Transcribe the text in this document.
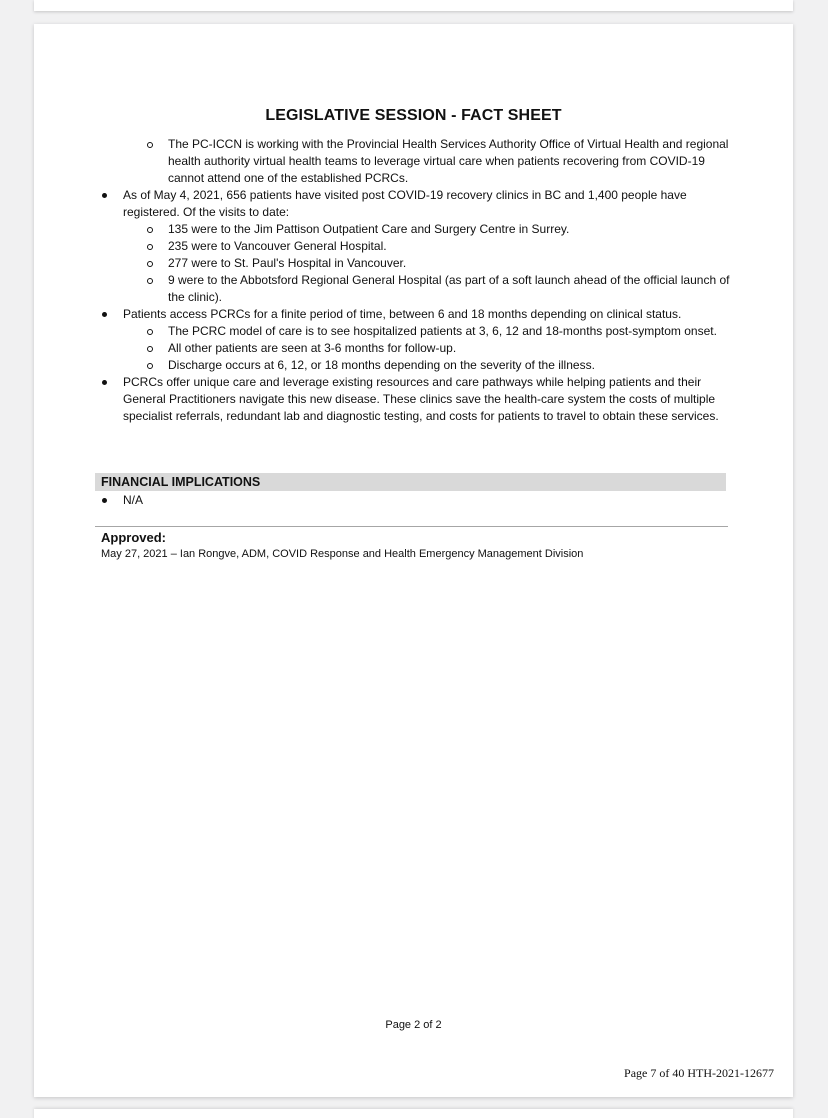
LEGISLATIVE SESSION - FACT SHEET
The PC-ICCN is working with the Provincial Health Services Authority Office of Virtual Health and regional health authority virtual health teams to leverage virtual care when patients recovering from COVID-19 cannot attend one of the established PCRCs.
As of May 4, 2021, 656 patients have visited post COVID-19 recovery clinics in BC and 1,400 people have registered. Of the visits to date:
135 were to the Jim Pattison Outpatient Care and Surgery Centre in Surrey.
235 were to Vancouver General Hospital.
277 were to St. Paul's Hospital in Vancouver.
9 were to the Abbotsford Regional General Hospital (as part of a soft launch ahead of the official launch of the clinic).
Patients access PCRCs for a finite period of time, between 6 and 18 months depending on clinical status.
The PCRC model of care is to see hospitalized patients at 3, 6, 12 and 18-months post-symptom onset.
All other patients are seen at 3-6 months for follow-up.
Discharge occurs at 6, 12, or 18 months depending on the severity of the illness.
PCRCs offer unique care and leverage existing resources and care pathways while helping patients and their General Practitioners navigate this new disease. These clinics save the health-care system the costs of multiple specialist referrals, redundant lab and diagnostic testing, and costs for patients to travel to obtain these services.
FINANCIAL IMPLICATIONS
N/A
Approved:
May 27, 2021 – Ian Rongve, ADM, COVID Response and Health Emergency Management Division
Page 2 of 2
Page 7 of 40 HTH-2021-12677
